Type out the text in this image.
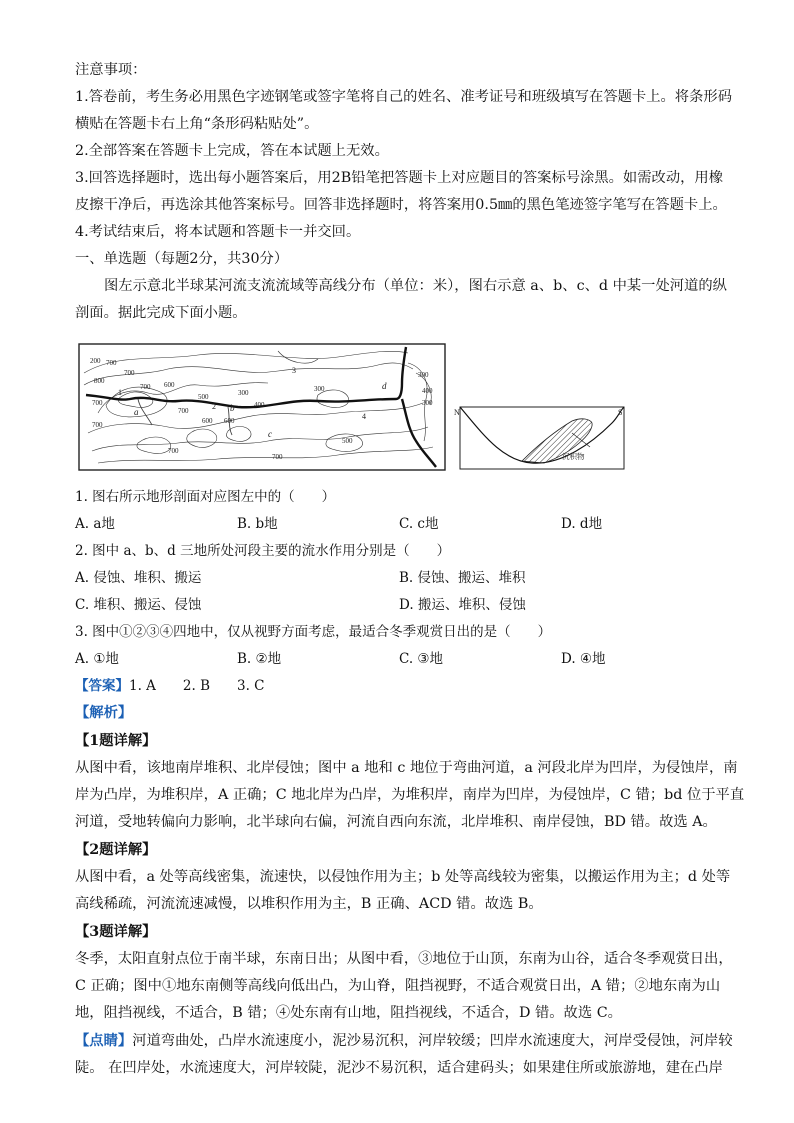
注意事项：
1.答卷前，考生务必用黑色字迹钢笔或签字笔将自己的姓名、准考证号和班级填写在答题卡上。将条形码
横贴在答题卡右上角“条形码粘贴处”。
2.全部答案在答题卡上完成，答在本试题上无效。
3.回答选择题时，选出每小题答案后，用2B铅笔把答题卡上对应题目的答案标号涂黑。如需改动，用橡
皮擦干净后，再选涂其他答案标号。回答非选择题时，将答案用0.5㎜的黑色笔迹签字笔写在答题卡上。
4.考试结束后，将本试题和答题卡一并交回。
一、单选题（每题2分，共30分）
图左示意北半球某河流支流流域等高线分布（单位：米），图右示意 a、b、c、d 中某一处河道的纵
剖面。据此完成下面小题。
700
700
800
700 600
700
700	600
700
500
600
b
a
2
1	300
400
c
3
300
4
700
d
300
400
300
700
500
200
N	S
沉积物
1. 图右所示地形剖面对应图左中的（　　）
A. a地	B. b地	C. c地	D. d地
2. 图中 a、b、d 三地所处河段主要的流水作用分别是（　　）
A. 侵蚀、堆积、搬运	B. 侵蚀、搬运、堆积
C. 堆积、搬运、侵蚀	D. 搬运、堆积、侵蚀
3. 图中①②③④四地中，仅从视野方面考虑，最适合冬季观赏日出的是（　　）
A. ①地	B. ②地	C. ③地	D. ④地
【答案】1. A　　2. B　　3. C
【解析】
【1题详解】
从图中看，该地南岸堆积、北岸侵蚀；图中 a 地和 c 地位于弯曲河道，a 河段北岸为凹岸，为侵蚀岸，南
岸为凸岸，为堆积岸，A 正确；C 地北岸为凸岸，为堆积岸，南岸为凹岸，为侵蚀岸，C 错；bd 位于平直
河道，受地转偏向力影响，北半球向右偏，河流自西向东流，北岸堆积、南岸侵蚀，BD 错。故选 A。
【2题详解】
从图中看，a 处等高线密集，流速快，以侵蚀作用为主；b 处等高线较为密集，以搬运作用为主；d 处等
高线稀疏，河流流速减慢，以堆积作用为主，B 正确、ACD 错。故选 B。
【3题详解】
冬季，太阳直射点位于南半球，东南日出；从图中看，③地位于山顶，东南为山谷，适合冬季观赏日出，
C 正确；图中①地东南侧等高线向低出凸，为山脊，阻挡视野，不适合观赏日出，A 错；②地东南为山
地，阻挡视线，不适合，B 错；④处东南有山地，阻挡视线，不适合，D 错。故选 C。
【点睛】河道弯曲处，凸岸水流速度小，泥沙易沉积，河岸较缓；凹岸水流速度大，河岸受侵蚀，河岸较
陡。 在凹岸处，水流速度大，河岸较陡，泥沙不易沉积，适合建码头；如果建住所或旅游地，建在凸岸
